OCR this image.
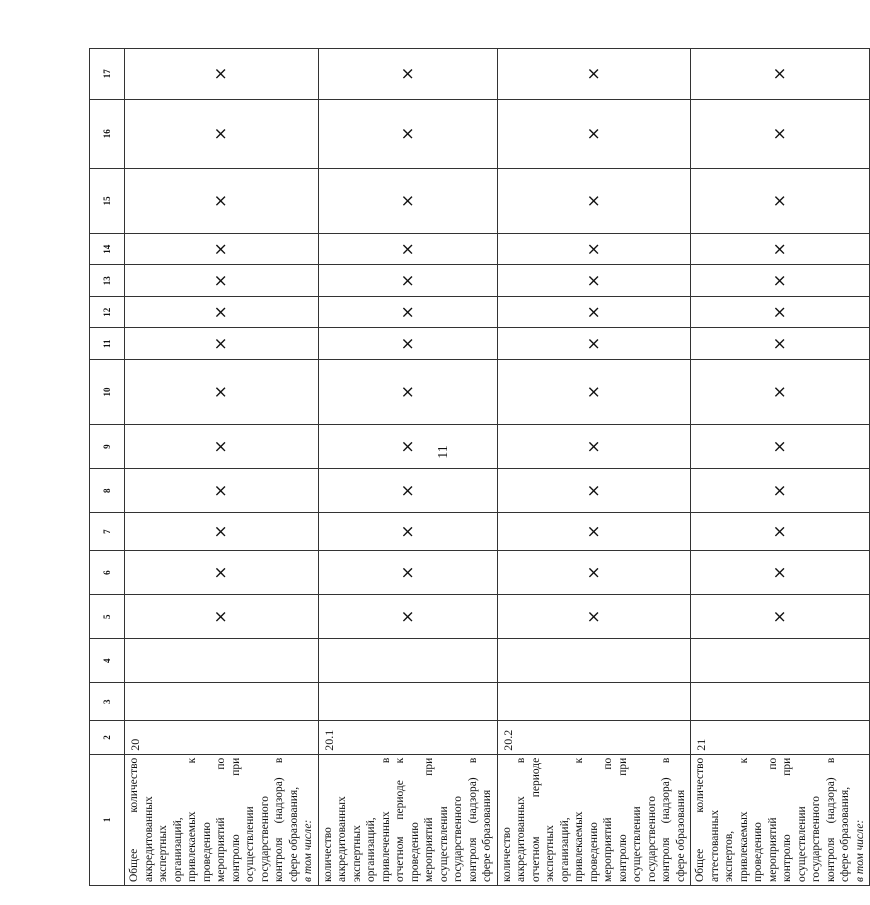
11
1	2	3	4	5	6	7	8	9	10	11	12	13	14	15	16	17
Общее количество аккредитованных экспертных организаций, привлекаемых к проведению мероприятий по контролю при осуществлении государственного контроля (надзора) в сфере образования, в том числе:	20			×	×	×	×	×	×	×	×	×	×	×	×	×
количество аккредитованных экспертных организаций, привлеченных в отчетном периоде к проведению мероприятий при осуществлении государственного контроля (надзора) в сфере образования	20.1			×	×	×	×	×	×	×	×	×	×	×	×	×
количество аккредитованных в отчетном периоде экспертных организаций, привлекаемых к проведению мероприятий по контролю при осуществлении государственного контроля (надзора) в сфере образования	20.2			×	×	×	×	×	×	×	×	×	×	×	×	×
Общее количество аттестованных экспертов, привлекаемых к проведению мероприятий по контролю при осуществлении государственного контроля (надзора) в сфере образования, в том числе:	21			×	×	×	×	×	×	×	×	×	×	×	×	×
